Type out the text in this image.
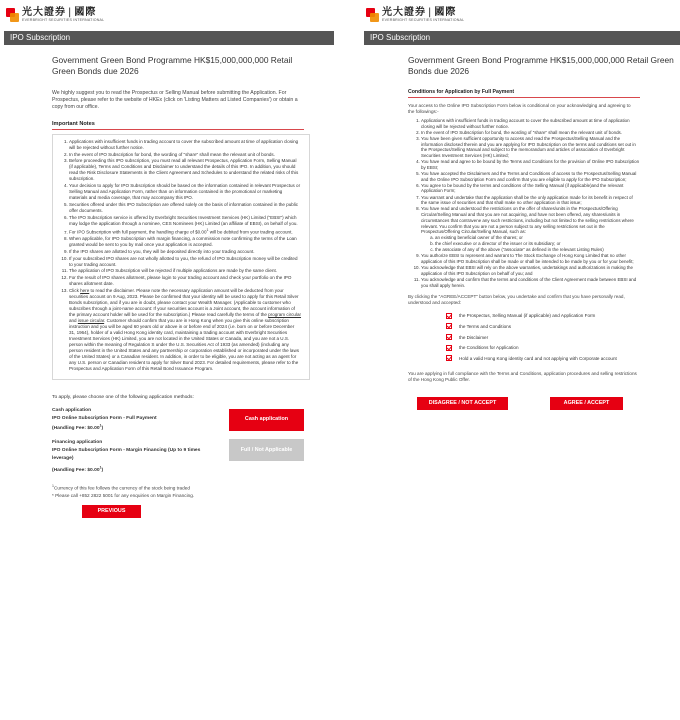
光大證券 | 國際
EVERBRIGHT SECURITIES INTERNATIONAL
IPO Subscription
Government Green Bond Programme HK$15,000,000,000 Retail Green Bonds due 2026

We highly suggest you to read the Prospectus or Selling Manual before submitting the Application. For Prospectus, please refer to the website of HKEx (click on 'Listing Matters ad Listed Companies') or obtain a copy from our office.

Important Notes
1. Applications with insufficient funds in trading account to cover the subscribed amount at time of application closing will be rejected without further notice.
2. In the event of IPO Subscription for bond, the wording of "share" shall mean the relevant unit of bonds.
3. Before proceeding this IPO subscription, you must read all relevant Prospectus, Application Form, Selling Manual (if applicable), Terms and Conditions and Disclaimer to understand the details of this IPO. In addition, you should read the Risk Disclosure Statements in the Client Agreement and Schedules to understand the related risks of this subscription.
4. Your decision to apply for IPO Subscription should be based on the information contained in relevant Prospectus or Selling Manual and Application Form, rather than on information contained in the promotional or marketing materials and media coverage, that may accompany this IPO.
5. Securities offered under this IPO Subscription are offered solely on the basis of information contained in the public offer documents.
6. The IPO Subscription service is offered by Everbright Securities Investment Services (HK) Limited ("EBSI") which may lodge the application through a nominee, CES Nominees (HK) Limited (an affiliate of EBSI), on behalf of you.
7. For IPO Subscription with full payment, the handling charge of $0.00$^1$ will be debited from your trading account.
8. When applicable, for IPO Subscription with margin financing, a commission note confirming the terms of the Loan granted would be sent to you by mail once your application is accepted.
9. If the IPO shares are allotted to you, they will be deposited directly into your trading account.
10. If your subscribed IPO shares are not wholly allotted to you, the refund of IPO Subscription money will be credited to your trading account.
11. The application of IPO Subscription will be rejected if multiple applications are made by the same client.
12. For the result of IPO shares allotment, please login to your trading account and check your portfolio on the IPO shares allotment date.
13. Click here to read the disclaimer. Please note the necessary application amount will be deducted from your securities account on 9 Aug, 2023. Please be confirmed that your identity will be used to apply for this Retail Silver Bonds subscription, and if you are in doubt, please contact your Wealth Manager. (Applicable to customer who subscribes through a joint-name account: If your securities account is a Joint account, the account information of the primary account holder will be used for the subscription.) Please read carefully the terms of the program circular and issue circular. Customer should confirm that you are in Hong Kong when you give this online subscription instruction and you will be aged 60 years old or above in or before end of 2024 (i.e. born on or before December 31, 1964), holder of a valid Hong Kong identity card, maintaining a trading account with Everbright Securities Investment Services (HK) Limited, you are not located in the United States or Canada, and you are not a U.S. person within the meaning of Regulation S under the U.S. Securities Act of 1933 (as amended) (including any person resident in the United States and any partnership or corporation established or incorporated under the laws of the United States) or a Canadian resident. In addition, in order to be eligible, you are not acting as an agent for any U.S. person or Canadian resident to apply for Silver Bond 2023. For detailed requirements, please refer to the Prospectus and Application Form of this Retail Bond Issuance Program.

To apply, please choose one of the following application methods:

Cash application
IPO Online Subscription Form - Full Payment
(Handling Fee: $0.00$^1$)
Cash application
Financing application
IPO Online Subscription Form - Margin Financing (Up to 9 times leverage)
(Handling Fee: $0.00$^1$)
Full / Not Applicable
$^1$Currency of this fee follows the currency of the stock being traded
* Please call +852 2822 5001 for any enquiries on Margin Financing.
PREVIOUS
光大證券 | 國際
EVERBRIGHT SECURITIES INTERNATIONAL
IPO Subscription
Government Green Bond Programme HK$15,000,000,000 Retail Green Bonds due 2026
Conditions for Application by Full Payment

Your access to the Online IPO Subscription Form below is conditional on your acknowledging and agreeing to the followings:-

1. Applications with insufficient funds in trading account to cover the subscribed amount at time of application closing will be rejected without further notice.
2. In the event of IPO Subscription for bond, the wording of "share" shall mean the relevant unit of bonds.
3. You have been given sufficient opportunity to access and read the Prospectus/Selling Manual and the information disclosed therein and you are applying for IPO Subscription on the terms and conditions set out in the Prospectus/Selling Manual and subject to the memorandum and articles of association of Everbright Securities Investment Services (HK) Limited;
4. You have read and agree to be bound by the Terms and Conditions for the provision of Online IPO Subscription by EBSI;
5. You have accepted the Disclaimers and the Terms and Conditions of access to the Prospectus/Selling Manual and the Online IPO Subscription Form and confirm that you are eligible to apply for the IPO Subscription;
6. You agree to be bound by the terms and conditions of the Selling Manual (if applicable)and the relevant Application Form;
7. You warrant and undertake that the application shall be the only application made for its benefit in respect of the same issue of securities and that shall make no other application in that issue;
8. You have read and understood the restrictions on the offer of shares/units in the Prospectus/Offering Circular/Selling Manual and that you are not acquiring, and have not been offered, any shares/units in circumstances that contravene any such restrictions, including but not limited to the selling restrictions where relevant. You confirm that you are not a person subject to any selling restrictions set out in the Prospectus/Offering Circular/Selling Manual, such as:
a. an existing beneficial owner of the shares; or
b. the chief executive or a director of the issuer or its subsidiary; or
c. the associate of any of the above ("associate" as defined in the relevant Listing Rules)
9. You authorize EBSI to represent and warrant to The Stock Exchange of Hong Kong Limited that no other application of this IPO Subscription shall be made or shall be intended to be made by you or for your benefit;
10. You acknowledge that EBSI will rely on the above warranties, undertakings and authorizations in making the application of this IPO Subscription on behalf of you; and
11. You acknowledge and confirm that the terms and conditions of the Client Agreement made between EBSI and you shall apply herein.

By clicking the "AGREE/ACCEPT" button below, you undertake and confirm that you have personally read, understood and accepted:

the Prospectus, Selling Manual (if applicable) and Application Form
the Terms and Conditions
the Disclaimer
the Conditions for Application
Hold a valid Hong Kong identity card and not applying with Corporate account

You are applying in full compliance with the Terms and Conditions, application procedures and selling restrictions of the Hong Kong Public Offer.

DISAGREE / NOT ACCEPT	AGREE / ACCEPT
